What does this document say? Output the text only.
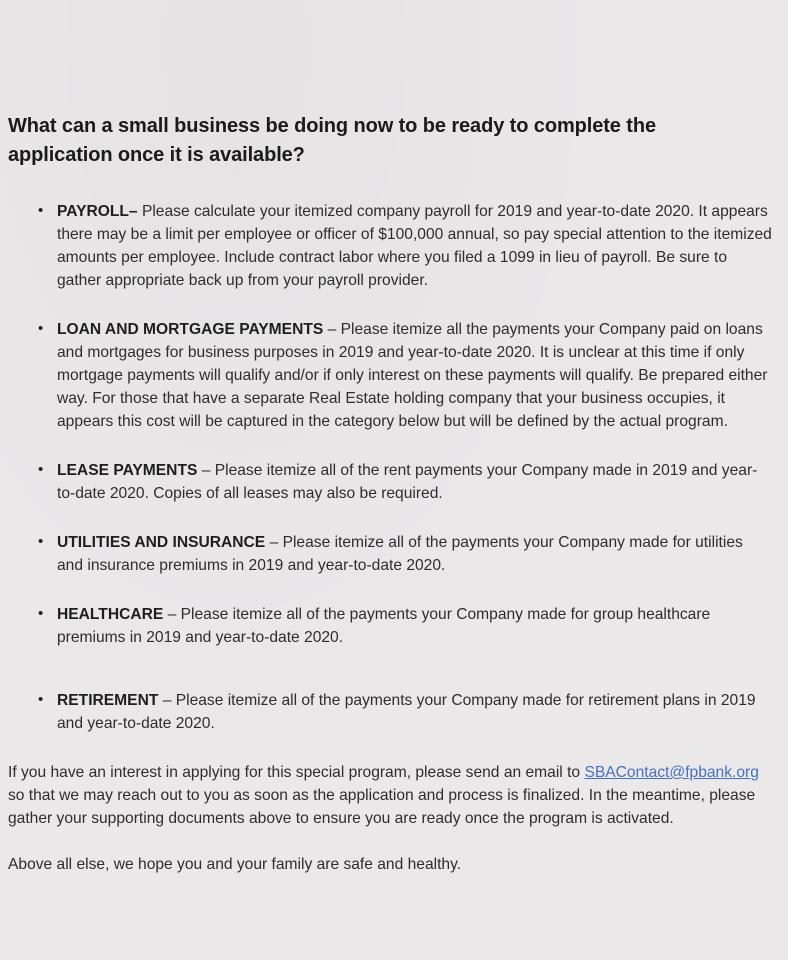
What can a small business be doing now to be ready to complete the application once it is available?
• PAYROLL– Please calculate your itemized company payroll for 2019 and year-to-date 2020. It appears there may be a limit per employee or officer of $100,000 annual, so pay special attention to the itemized amounts per employee. Include contract labor where you filed a 1099 in lieu of payroll. Be sure to gather appropriate back up from your payroll provider.
• LOAN AND MORTGAGE PAYMENTS – Please itemize all the payments your Company paid on loans and mortgages for business purposes in 2019 and year-to-date 2020. It is unclear at this time if only mortgage payments will qualify and/or if only interest on these payments will qualify. Be prepared either way. For those that have a separate Real Estate holding company that your business occupies, it appears this cost will be captured in the category below but will be defined by the actual program.
• LEASE PAYMENTS – Please itemize all of the rent payments your Company made in 2019 and year-to-date 2020. Copies of all leases may also be required.
• UTILITIES AND INSURANCE – Please itemize all of the payments your Company made for utilities and insurance premiums in 2019 and year-to-date 2020.
• HEALTHCARE – Please itemize all of the payments your Company made for group healthcare premiums in 2019 and year-to-date 2020.
• RETIREMENT – Please itemize all of the payments your Company made for retirement plans in 2019 and year-to-date 2020.

If you have an interest in applying for this special program, please send an email to SBAContact@fpbank.org so that we may reach out to you as soon as the application and process is finalized. In the meantime, please gather your supporting documents above to ensure you are ready once the program is activated.

Above all else, we hope you and your family are safe and healthy.
